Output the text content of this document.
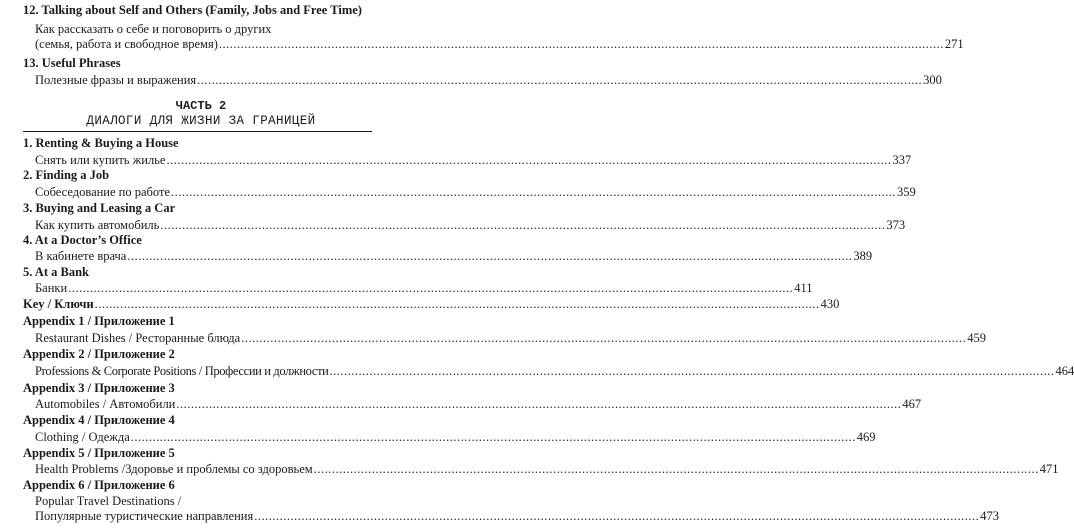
12. Talking about Self and Others (Family, Jobs and Free Time)
Как рассказать о себе и поговорить о других
(семья, работа и свободное время) ........................................................................................................................................................................................................ 271
13. Useful Phrases
Полезные фразы и выражения ........................................................................................................................................................................................................ 300
ЧАСТЬ 2
ДИАЛОГИ ДЛЯ ЖИЗНИ ЗА ГРАНИЦЕЙ
1. Renting & Buying a House
Снять или купить жилье ........................................................................................................................................................................................................ 337
2. Finding a Job
Собеседование по работе ........................................................................................................................................................................................................ 359
3. Buying and Leasing a Car
Как купить автомобиль ........................................................................................................................................................................................................ 373
4. At a Doctor’s Office
В кабинете врача ........................................................................................................................................................................................................ 389
5. At a Bank
Банки ........................................................................................................................................................................................................ 411
Key / Ключи ........................................................................................................................................................................................................ 430
Appendix 1 / Приложение 1
Restaurant Dishes / Ресторанные блюда ........................................................................................................................................................................................................ 459
Appendix 2 / Приложение 2
Professions & Corporate Positions / Профессии и должности ........................................................................................................................................................................................................ 464
Appendix 3 / Приложение 3
Automobiles / Автомобили ........................................................................................................................................................................................................ 467
Appendix 4 / Приложение 4
Clothing / Одежда ........................................................................................................................................................................................................ 469
Appendix 5 / Приложение 5
Health Problems /Здоровье и проблемы со здоровьем ........................................................................................................................................................................................................ 471
Appendix 6 / Приложение 6
Popular Travel Destinations /
Популярные туристические направления ........................................................................................................................................................................................................ 473
